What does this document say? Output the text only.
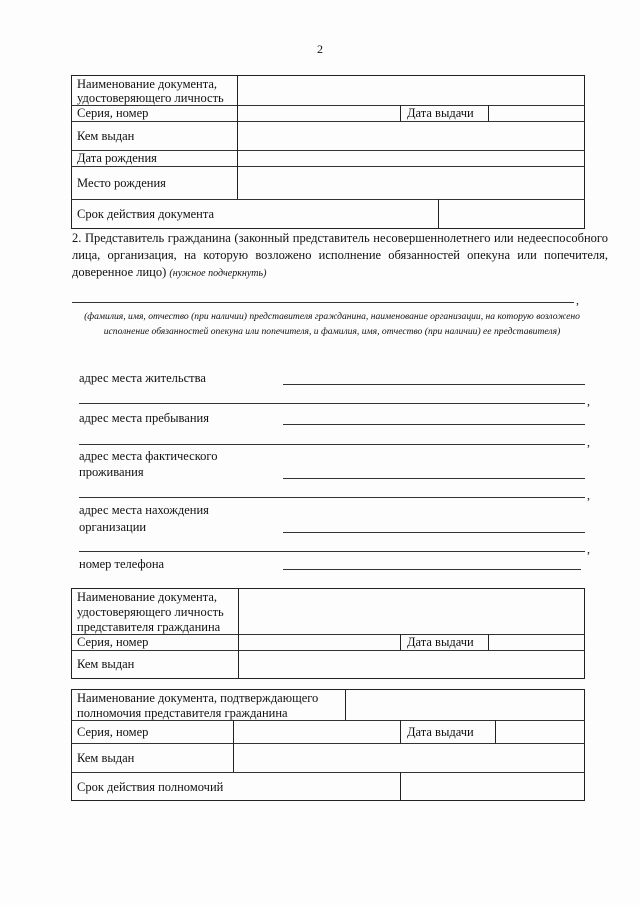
2
Наименование документа,
удостоверяющего личность
Серия, номер	Дата выдачи
Кем выдан
Дата рождения
Место рождения
Срок действия документа
2. Представитель гражданина (законный представитель несовершеннолетнего или недееспособного лица, организация, на которую возложено исполнение обязанностей опекуна или попечителя, доверенное лицо) (нужное подчеркнуть)
,
(фамилия, имя, отчество (при наличии) представителя гражданина, наименование организации, на которую возложено исполнение обязанностей опекуна или попечителя, и фамилия, имя, отчество (при наличии) ее представителя)
адрес места жительства
,
адрес места пребывания
,
адрес места фактического
проживания
,
адрес места нахождения
организации
,
номер телефона
Наименование документа,
удостоверяющего личность
представителя гражданина
Серия, номер	Дата выдачи
Кем выдан
Наименование документа, подтверждающего
полномочия представителя гражданина
Серия, номер	Дата выдачи
Кем выдан
Срок действия полномочий
